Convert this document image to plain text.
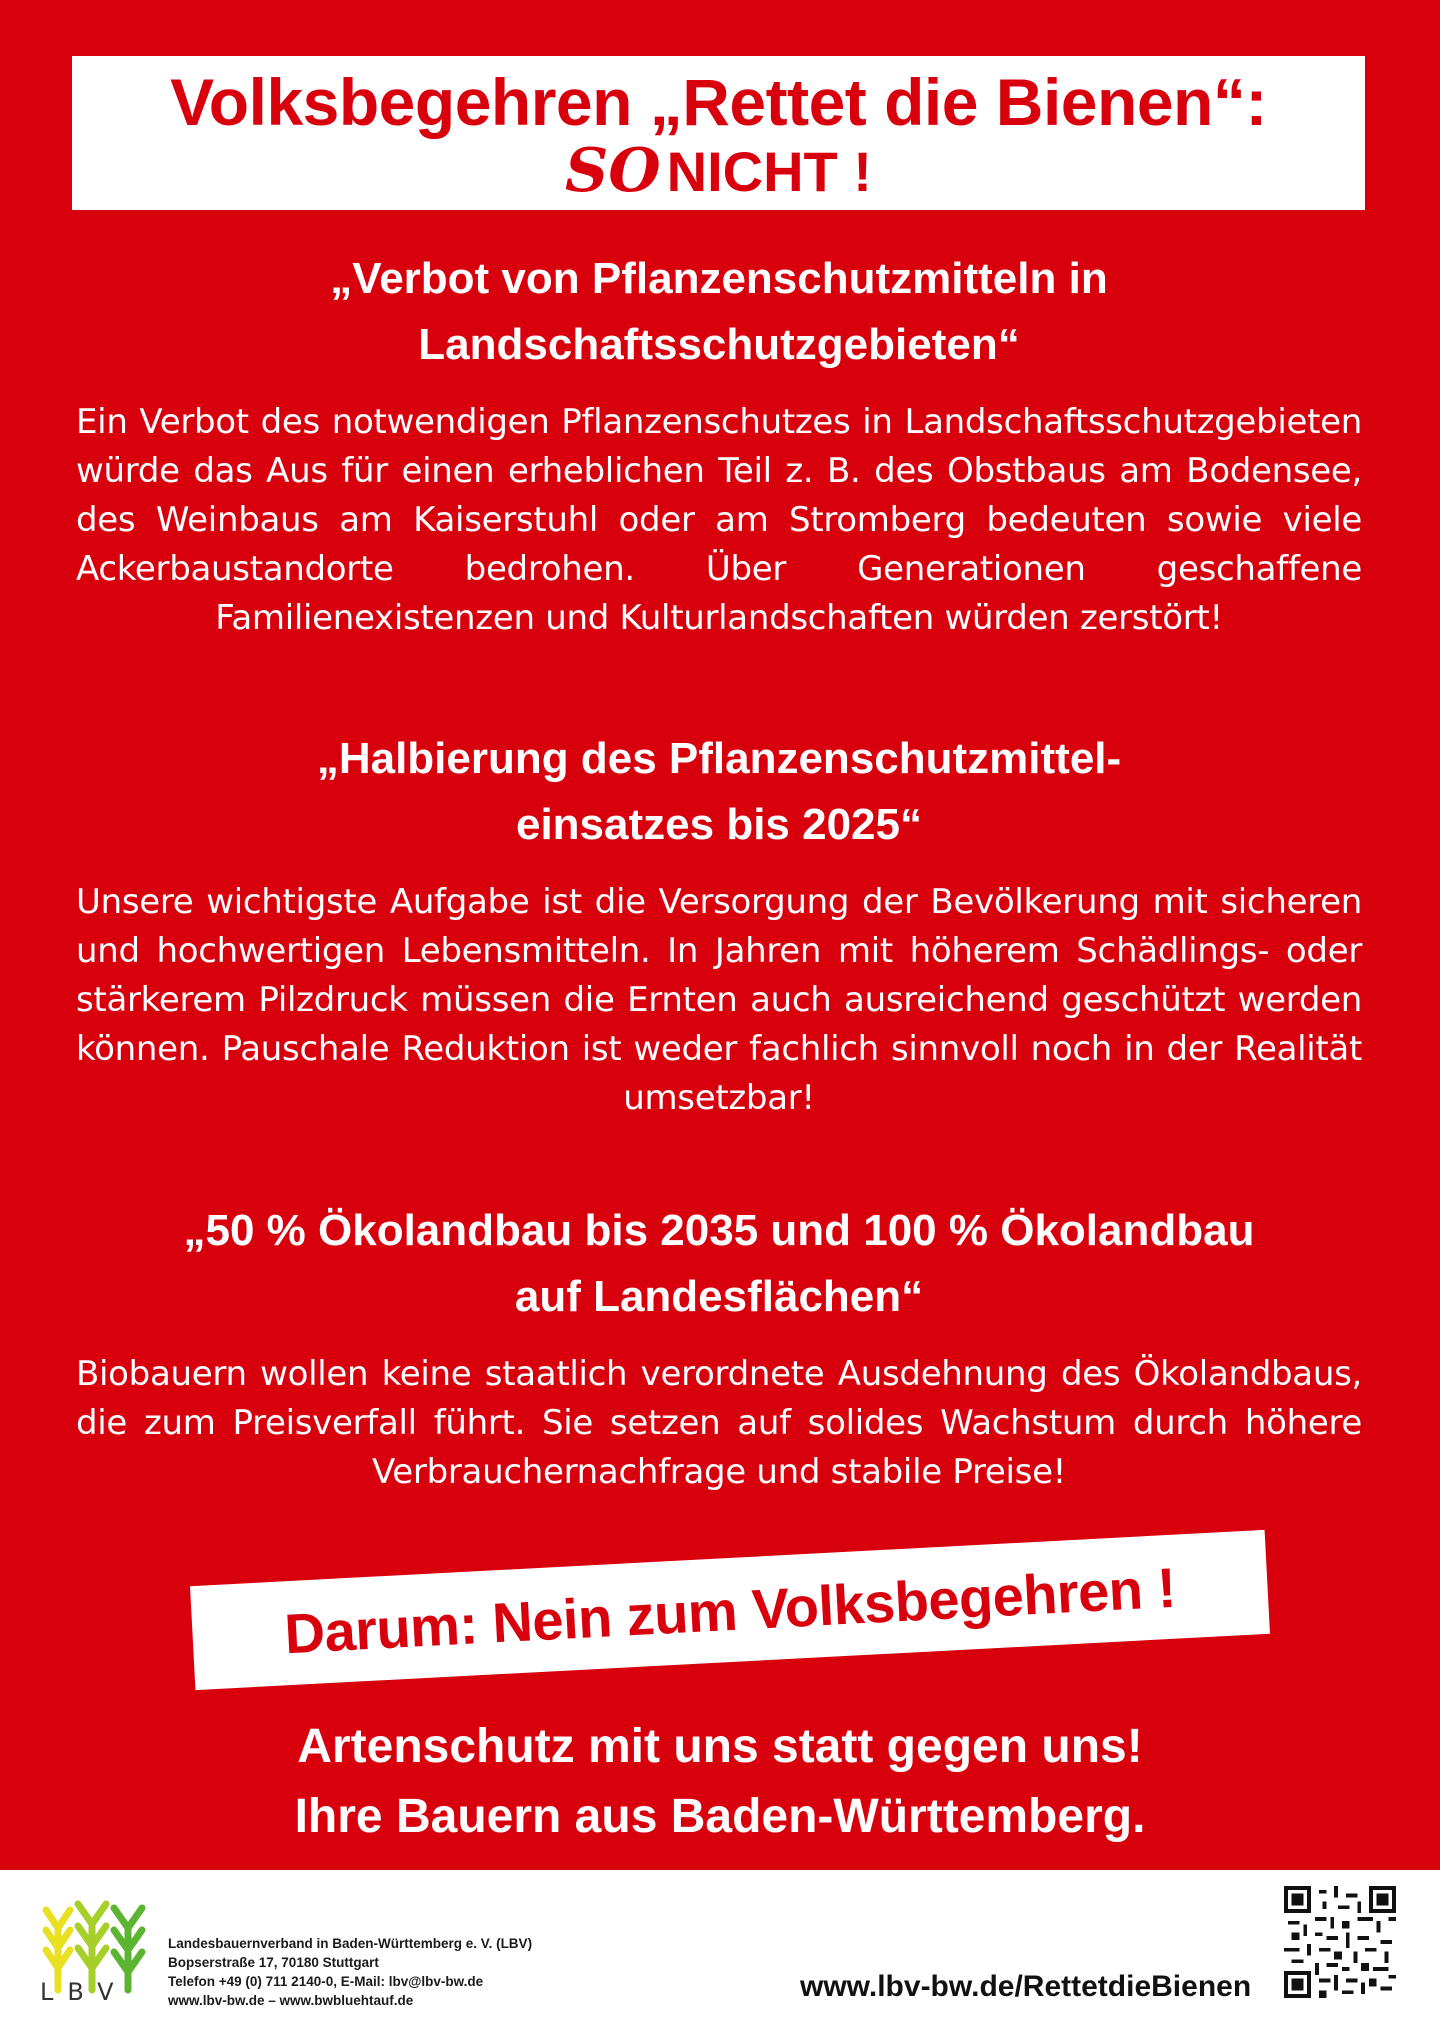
Volksbegehren „Rettet die Bienen“:
SO NICHT !
„Verbot von Pflanzenschutzmitteln in
Landschaftsschutzgebieten“

Ein Verbot des notwendigen Pflanzenschutzes in Landschaftsschutzgebieten würde das Aus für einen erheblichen Teil z. B. des Obstbaus am Bodensee, des Weinbaus am Kaiserstuhl oder am Stromberg bedeuten sowie viele Ackerbaustandorte bedrohen. Über Generationen geschaffene Familienexistenzen und Kulturlandschaften würden zerstört!

„Halbierung des Pflanzenschutzmittel-
einsatzes bis 2025“

Unsere wichtigste Aufgabe ist die Versorgung der Bevölkerung mit sicheren und hochwertigen Lebensmitteln. In Jahren mit höherem Schädlings- oder stärkerem Pilzdruck müssen die Ernten auch ausreichend geschützt werden können. Pauschale Reduktion ist weder fachlich sinnvoll noch in der Realität umsetzbar!

„50 % Ökolandbau bis 2035 und 100 % Ökolandbau
auf Landesflächen“

Biobauern wollen keine staatlich verordnete Ausdehnung des Ökolandbaus, die zum Preisverfall führt. Sie setzen auf solides Wachstum durch höhere Verbrauchernachfrage und stabile Preise!

Darum: Nein zum Volksbegehren !
Artenschutz mit uns statt gegen uns!
Ihre Bauern aus Baden-Württemberg.
LBV
Landesbauernverband in Baden-Württemberg e. V. (LBV)
Bopserstraße 17, 70180 Stuttgart
Telefon +49 (0) 711 2140-0, E-Mail: lbv@lbv-bw.de
www.lbv-bw.de – www.bwbluehtauf.de	www.lbv-bw.de/RettetdieBienen
